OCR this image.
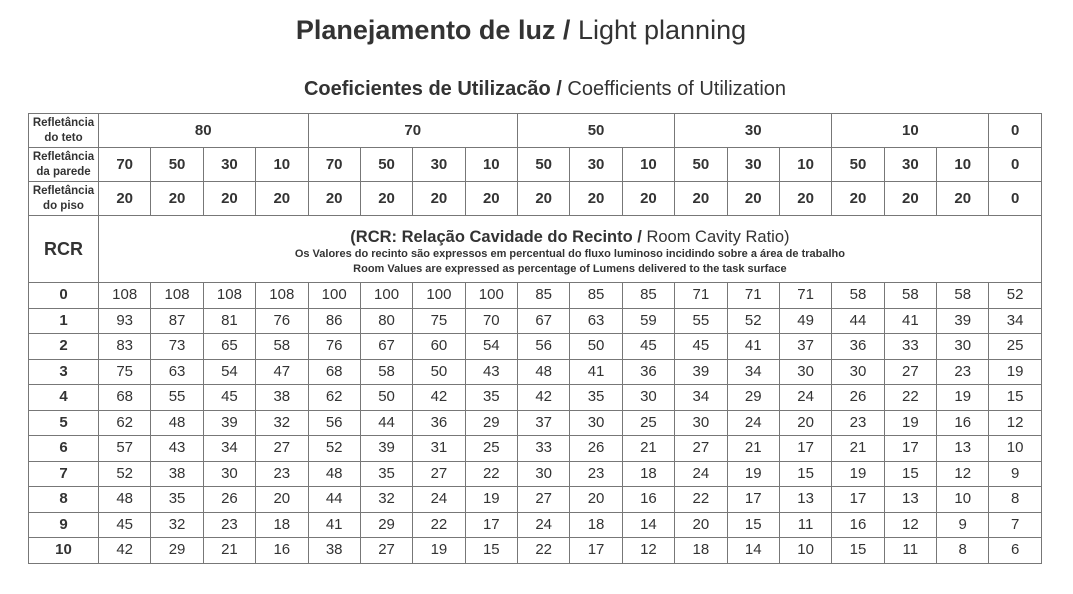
Planejamento de luz / Light planning
Coeficientes de Utilizacão / Coefficients of Utilization
Refletância
do teto	80				70				50			30			10			0
Refletância
da parede	70	50	30	10	70	50	30	10	50	30	10	50	30	10	50	30	10	0
Refletância
do piso	20	20	20	20	20	20	20	20	20	20	20	20	20	20	20	20	20	0
RCR	(RCR: Relação Cavidade do Recinto / Room Cavity Ratio)
Os Valores do recinto são expressos em percentual do fluxo luminoso incidindo sobre a área de trabalho
Room Values are expressed as percentage of Lumens delivered to the task surface																	

0	108	108	108	108	100	100	100	100	85	85	85	71	71	71	58	58	58	52
1	93	87	81	76	86	80	75	70	67	63	59	55	52	49	44	41	39	34
2	83	73	65	58	76	67	60	54	56	50	45	45	41	37	36	33	30	25
3	75	63	54	47	68	58	50	43	48	41	36	39	34	30	30	27	23	19
4	68	55	45	38	62	50	42	35	42	35	30	34	29	24	26	22	19	15
5	62	48	39	32	56	44	36	29	37	30	25	30	24	20	23	19	16	12
6	57	43	34	27	52	39	31	25	33	26	21	27	21	17	21	17	13	10
7	52	38	30	23	48	35	27	22	30	23	18	24	19	15	19	15	12	9
8	48	35	26	20	44	32	24	19	27	20	16	22	17	13	17	13	10	8
9	45	32	23	18	41	29	22	17	24	18	14	20	15	11	16	12	9	7
10	42	29	21	16	38	27	19	15	22	17	12	18	14	10	15	11	8	6
